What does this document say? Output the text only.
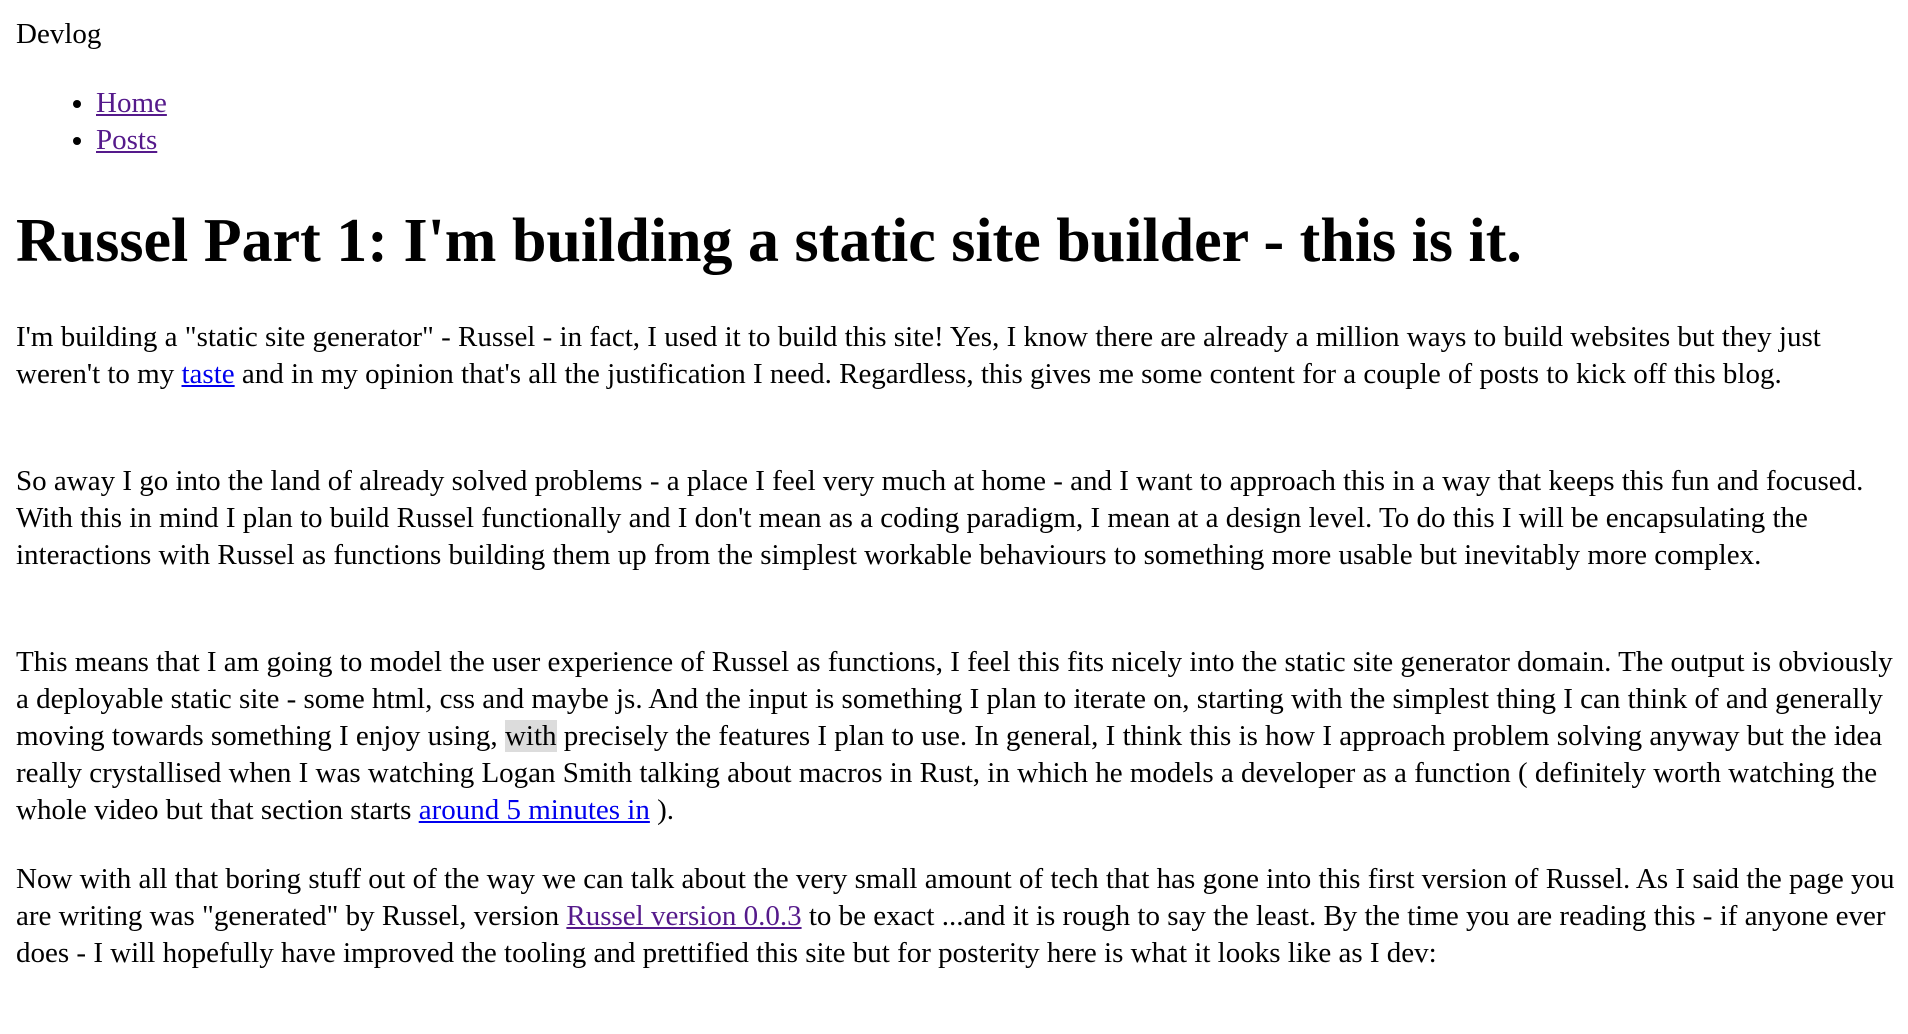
Devlog
• Home
• Posts
Russel Part 1: I'm building a static site builder - this is it.

I'm building a "static site generator" - Russel - in fact, I used it to build this site! Yes, I know there are already a million ways to build websites but they just weren't to my taste and in my opinion that's all the justification I need. Regardless, this gives me some content for a couple of posts to kick off this blog.

So away I go into the land of already solved problems - a place I feel very much at home - and I want to approach this in a way that keeps this fun and focused. With this in mind I plan to build Russel functionally and I don't mean as a coding paradigm, I mean at a design level. To do this I will be encapsulating the interactions with Russel as functions building them up from the simplest workable behaviours to something more usable but inevitably more complex.

This means that I am going to model the user experience of Russel as functions, I feel this fits nicely into the static site generator domain. The output is obviously a deployable static site - some html, css and maybe js. And the input is something I plan to iterate on, starting with the simplest thing I can think of and generally moving towards something I enjoy using, with precisely the features I plan to use. In general, I think this is how I approach problem solving anyway but the idea really crystallised when I was watching Logan Smith talking about macros in Rust, in which he models a developer as a function ( definitely worth watching the whole video but that section starts around 5 minutes in ).

Now with all that boring stuff out of the way we can talk about the very small amount of tech that has gone into this first version of Russel. As I said the page you are writing was "generated" by Russel, version Russel version 0.0.3 to be exact ...and it is rough to say the least. By the time you are reading this - if anyone ever does - I will hopefully have improved the tooling and prettified this site but for posterity here is what it looks like as I dev:
